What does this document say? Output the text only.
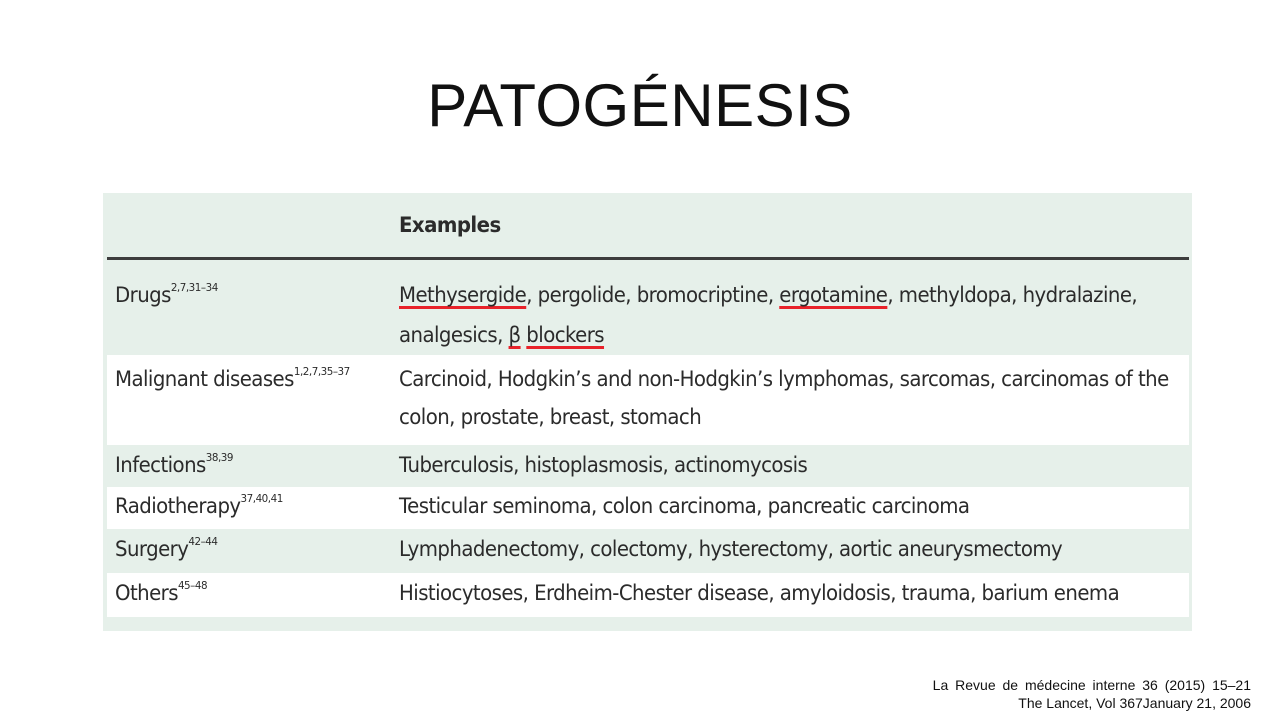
PATOGÉNESIS
Examples
Drugs$^{2,7,31-34}$	Methysergide, pergolide, bromocriptine, ergotamine, methyldopa, hydralazine,
analgesics, β blockers
Malignant diseases$^{1,2,7,35-37}$ Carcinoid, Hodgkin’s and non-Hodgkin’s lymphomas, sarcomas, carcinomas of the
colon, prostate, breast, stomach
Infections$^{38,39}$	Tuberculosis, histoplasmosis, actinomycosis
Radiotherapy$^{37,40,41}$	Testicular seminoma, colon carcinoma, pancreatic carcinoma
Surgery$^{42-44}$	Lymphadenectomy, colectomy, hysterectomy, aortic aneurysmectomy
Others$^{45-48}$	Histiocytoses, Erdheim-Chester disease, amyloidosis, trauma, barium enema
La Revue de médecine interne 36 (2015) 15–21
The Lancet, Vol 367January 21, 2006
